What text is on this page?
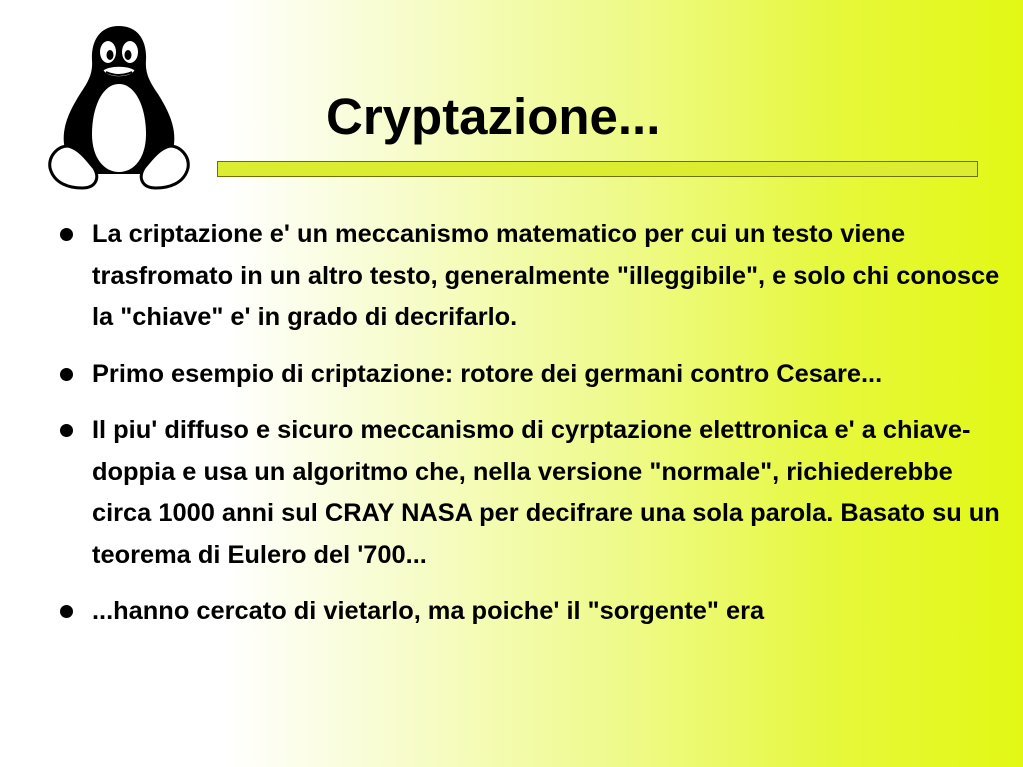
Cryptazione...
La criptazione e' un meccanismo matematico per cui un testo viene trasfromato in un altro testo, generalmente "illeggibile", e solo chi conosce la "chiave" e' in grado di decrifarlo.
Primo esempio di criptazione: rotore dei germani contro Cesare...
Il piu' diffuso e sicuro meccanismo di cyrptazione elettronica e' a chiave-doppia e usa un algoritmo che, nella versione "normale", richiederebbe circa 1000 anni sul CRAY NASA per decifrare una sola parola. Basato su un teorema di Eulero del '700...
...hanno cercato di vietarlo, ma poiche' il "sorgente" era
